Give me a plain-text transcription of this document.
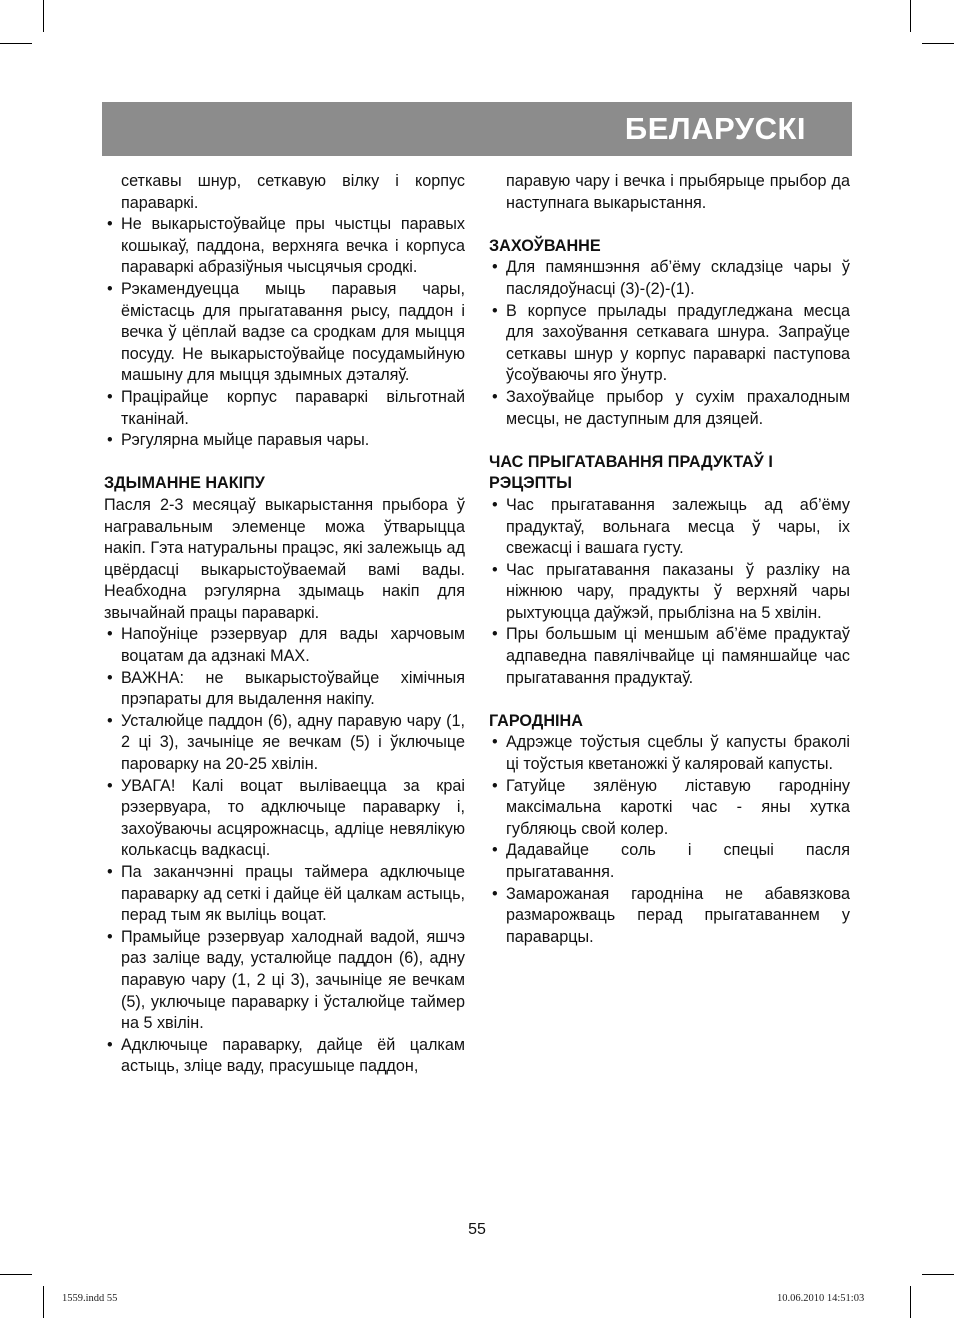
БЕЛАРУСКІ

сеткавы шнур, сеткавую вілку і корпус параваркі.

• Не выкарыстоўвайце пры чыстцы паравых кошыкаў, паддона, верхняга вечка і корпуса параваркі абразіўныя чысцячыя сродкі.

• Рэкамендуецца мыць паравыя чары, ёмістасць для прыгатавання рысу, паддон і вечка ў цёплай вадзе са сродкам для мыцця посуду. Не выкарыстоўвайце посудамыйную машыну для мыцця здымных дэталяў.

• Працірайце корпус параваркі вільготнай тканінай.

• Рэгулярна мыйце паравыя чары.

ЗДЫМАННЕ НАКІПУ

Пасля 2-3 месяцаў выкарыстання прыбора ў награвальным элеменце можа ўтварыцца накіп. Гэта натуральны працэс, які залежыць ад цвёрдасці выкарыстоўваемай вамі вады. Неабходна рэгулярна здымаць накіп для звычайнай працы параваркі.

• Напоўніце рэзервуар для вады харчовым воцатам да адзнакі MAX.

• ВАЖНА: не выкарыстоўвайце хімічныя прэпараты для выдалення накіпу.

• Усталюйце паддон (6), адну паравую чару (1, 2 ці 3), зачыніце яе вечкам (5) і ўключыце пароварку на 20-25 хвілін.

• УВАГА! Калі воцат выліваецца за краі рэзервуара, то адключыце параварку і, захоўваючы асцярожнасць, адліце невялікую колькасць вадкасці.

• Па заканчэнні працы таймера адключыце параварку ад сеткі і дайце ёй цалкам астыць, перад тым як выліць воцат.

• Прамыйце рэзервуар халоднай вадой, яшчэ раз заліце ваду, усталюйце паддон (6), адну паравую чару (1, 2 ці 3), зачыніце яе вечкам (5), уключыце параварку і ўсталюйце таймер на 5 хвілін.

• Адключыце параварку, дайце ёй цалкам астыць, зліце ваду, прасушыце паддон,

паравую чару і вечка і прыбярыце прыбор да наступнага выкарыстання.

ЗАХОЎВАННЕ

• Для памяншэння аб’ёму складзіце чары ў паслядоўнасці (3)-(2)-(1).

• В корпусе прылады прадугледжана месца для захоўвання сеткавага шнура. Запраўце сеткавы шнур у корпус параваркі паступова ўсоўваючы яго ўнутр.

• Захоўвайце прыбор у сухім прахалодным месцы, не даступным для дзяцей.

ЧАС ПРЫГАТАВАННЯ ПРАДУКТАЎ І РЭЦЭПТЫ

• Час прыгатавання залежыць ад аб’ёму прадуктаў, вольнага месца ў чары, іх свежасці і вашага густу.

• Час прыгатавання паказаны ў разліку на ніжнюю чару, прадукты ў верхняй чары рыхтуюцца даўжэй, прыблізна на 5 хвілін.

• Пры большым ці меншым аб’ёме прадуктаў адпаведна павялічвайце ці памяншайце час прыгатавання прадуктаў.

ГАРОДНІНА

• Адрэжце тоўстыя сцеблы ў капусты браколі ці тоўстыя кветаножкі ў каляровай капусты.

• Гатуйце зялёную ліставую гародніну максімальна кароткі час - яны хутка губляюць свой колер.

• Дадавайце соль і спецыі пасля прыгатавання.

• Замарожаная гародніна не абавязкова размарожваць перад прыгатаваннем у параварцы.

55
1559.indd 55	10.06.2010 14:51:03
